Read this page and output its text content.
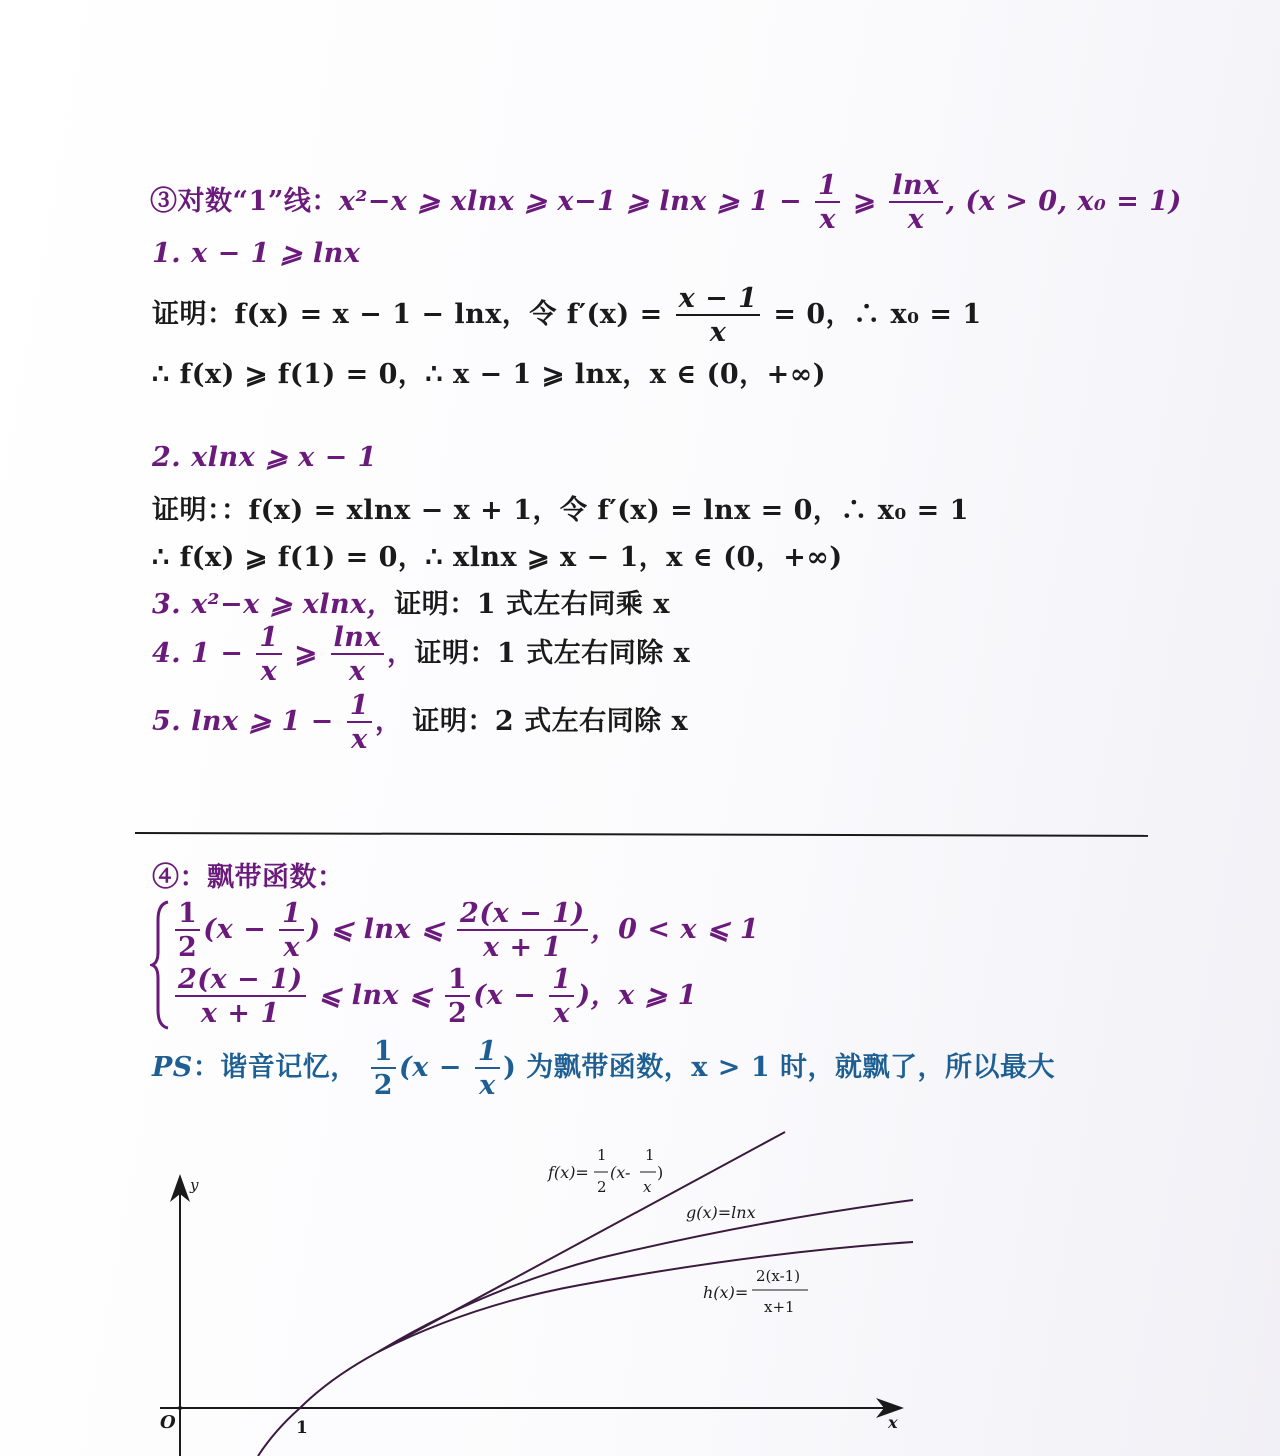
③对数“1”线：x²−x ⩾ xlnx ⩾ x−1 ⩾ lnx ⩾ $1 - \frac{1}{x}$ ⩾ $\frac{\ln x}{x}$ , (x > 0, x₀ = 1)
1. x − 1 ⩾ lnx
证明：f(x) = x − 1 − lnx，令 $f'(x) = \frac{x - 1}{x} = 0$，∴ x₀ = 1
∴ f(x) ⩾ f(1) = 0，∴ x − 1 ⩾ lnx，x ∈ (0，+∞)
2. xlnx ⩾ x − 1
证明：：f(x) = xlnx − x + 1，令 f′(x) = lnx = 0，∴ x₀ = 1
∴ f(x) ⩾ f(1) = 0，∴ xlnx ⩾ x − 1，x ∈ (0，+∞)
3. x²−x ⩾ xlnx，证明：1 式左右同乘 x
4. $1 - \frac{1}{x}$ ⩾ $\frac{\ln x}{x}$ ，证明：1 式左右同除 x
5. lnx ⩾ $1 - \frac{1}{x}$ ， 证明：2 式左右同除 x
④：飘带函数：
$\frac{1}{2} (x - \frac{1}{x}$ ) ⩽ lnx ⩽ $\frac{2(x - 1)}{x + 1}$ ，0 < x ⩽ 1
$\frac{2(x - 1)}{x + 1}$ ⩽ lnx ⩽ $\frac{1}{2} (x - \frac{1}{x}$ )，x ⩾ 1
PS：谐音记忆， $\frac{1}{2} (x - \frac{1}{x}$ ) 为飘带函数，x > 1 时，就飘了，所以最大
O	1	x
y
f(x)=
1
2
(x-
1
x
)
g(x)=lnx
h(x)=
2(x-1)
x+1
